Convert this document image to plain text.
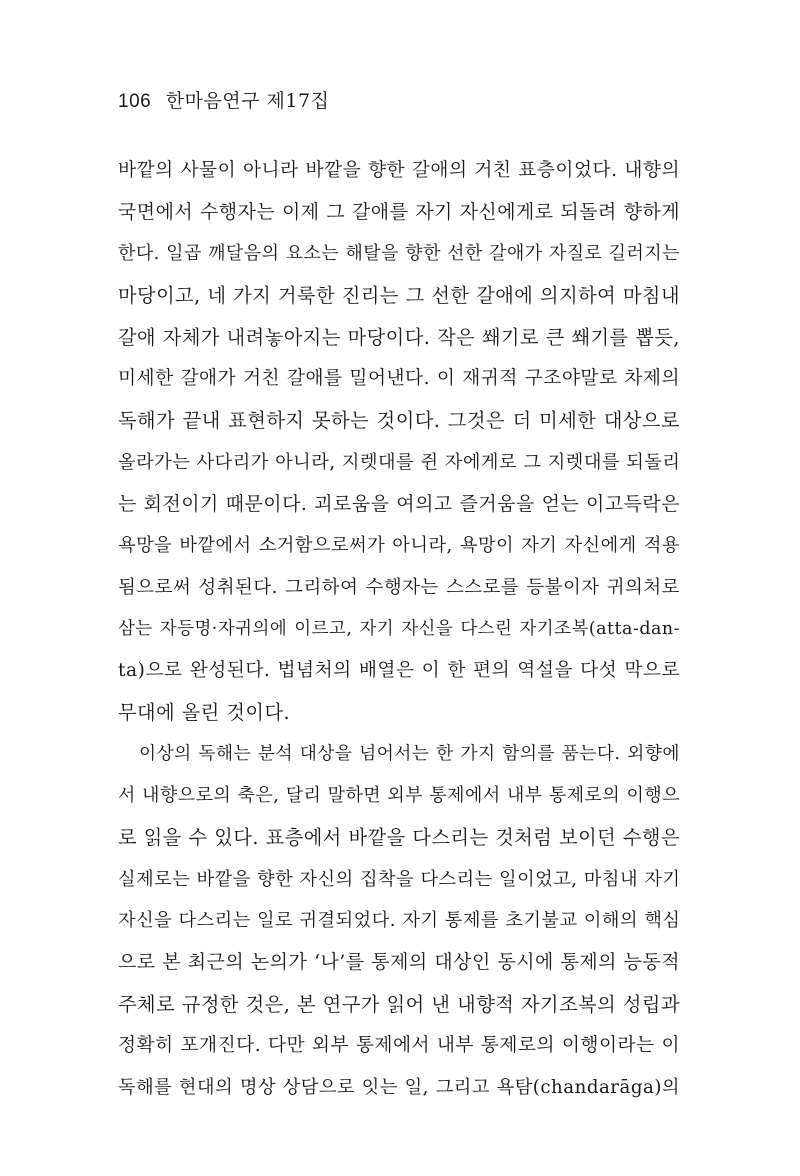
106 한마음연구 제17집
바깥의 사물이 아니라 바깥을 향한 갈애의 거친 표층이었다. 내향의
국면에서 수행자는 이제 그 갈애를 자기 자신에게로 되돌려 향하게
한다. 일곱 깨달음의 요소는 해탈을 향한 선한 갈애가 자질로 길러지는
마당이고, 네 가지 거룩한 진리는 그 선한 갈애에 의지하여 마침내
갈애 자체가 내려놓아지는 마당이다. 작은 쐐기로 큰 쐐기를 뽑듯,
미세한 갈애가 거친 갈애를 밀어낸다. 이 재귀적 구조야말로 차제의
독해가 끝내 표현하지 못하는 것이다. 그것은 더 미세한 대상으로
올라가는 사다리가 아니라, 지렛대를 쥔 자에게로 그 지렛대를 되돌리
는 회전이기 때문이다. 괴로움을 여의고 즐거움을 얻는 이고득락은
욕망을 바깥에서 소거함으로써가 아니라, 욕망이 자기 자신에게 적용
됨으로써 성취된다. 그리하여 수행자는 스스로를 등불이자 귀의처로
삼는 자등명·자귀의에 이르고, 자기 자신을 다스린 자기조복(atta-dan-
ta)으로 완성된다. 법념처의 배열은 이 한 편의 역설을 다섯 막으로
무대에 올린 것이다.
이상의 독해는 분석 대상을 넘어서는 한 가지 함의를 품는다. 외향에
서 내향으로의 축은, 달리 말하면 외부 통제에서 내부 통제로의 이행으
로 읽을 수 있다. 표층에서 바깥을 다스리는 것처럼 보이던 수행은
실제로는 바깥을 향한 자신의 집착을 다스리는 일이었고, 마침내 자기
자신을 다스리는 일로 귀결되었다. 자기 통제를 초기불교 이해의 핵심
으로 본 최근의 논의가 ‘나’를 통제의 대상인 동시에 통제의 능동적
주체로 규정한 것은, 본 연구가 읽어 낸 내향적 자기조복의 성립과
정확히 포개진다. 다만 외부 통제에서 내부 통제로의 이행이라는 이
독해를 현대의 명상 상담으로 잇는 일, 그리고 욕탐(chandarāga)의
